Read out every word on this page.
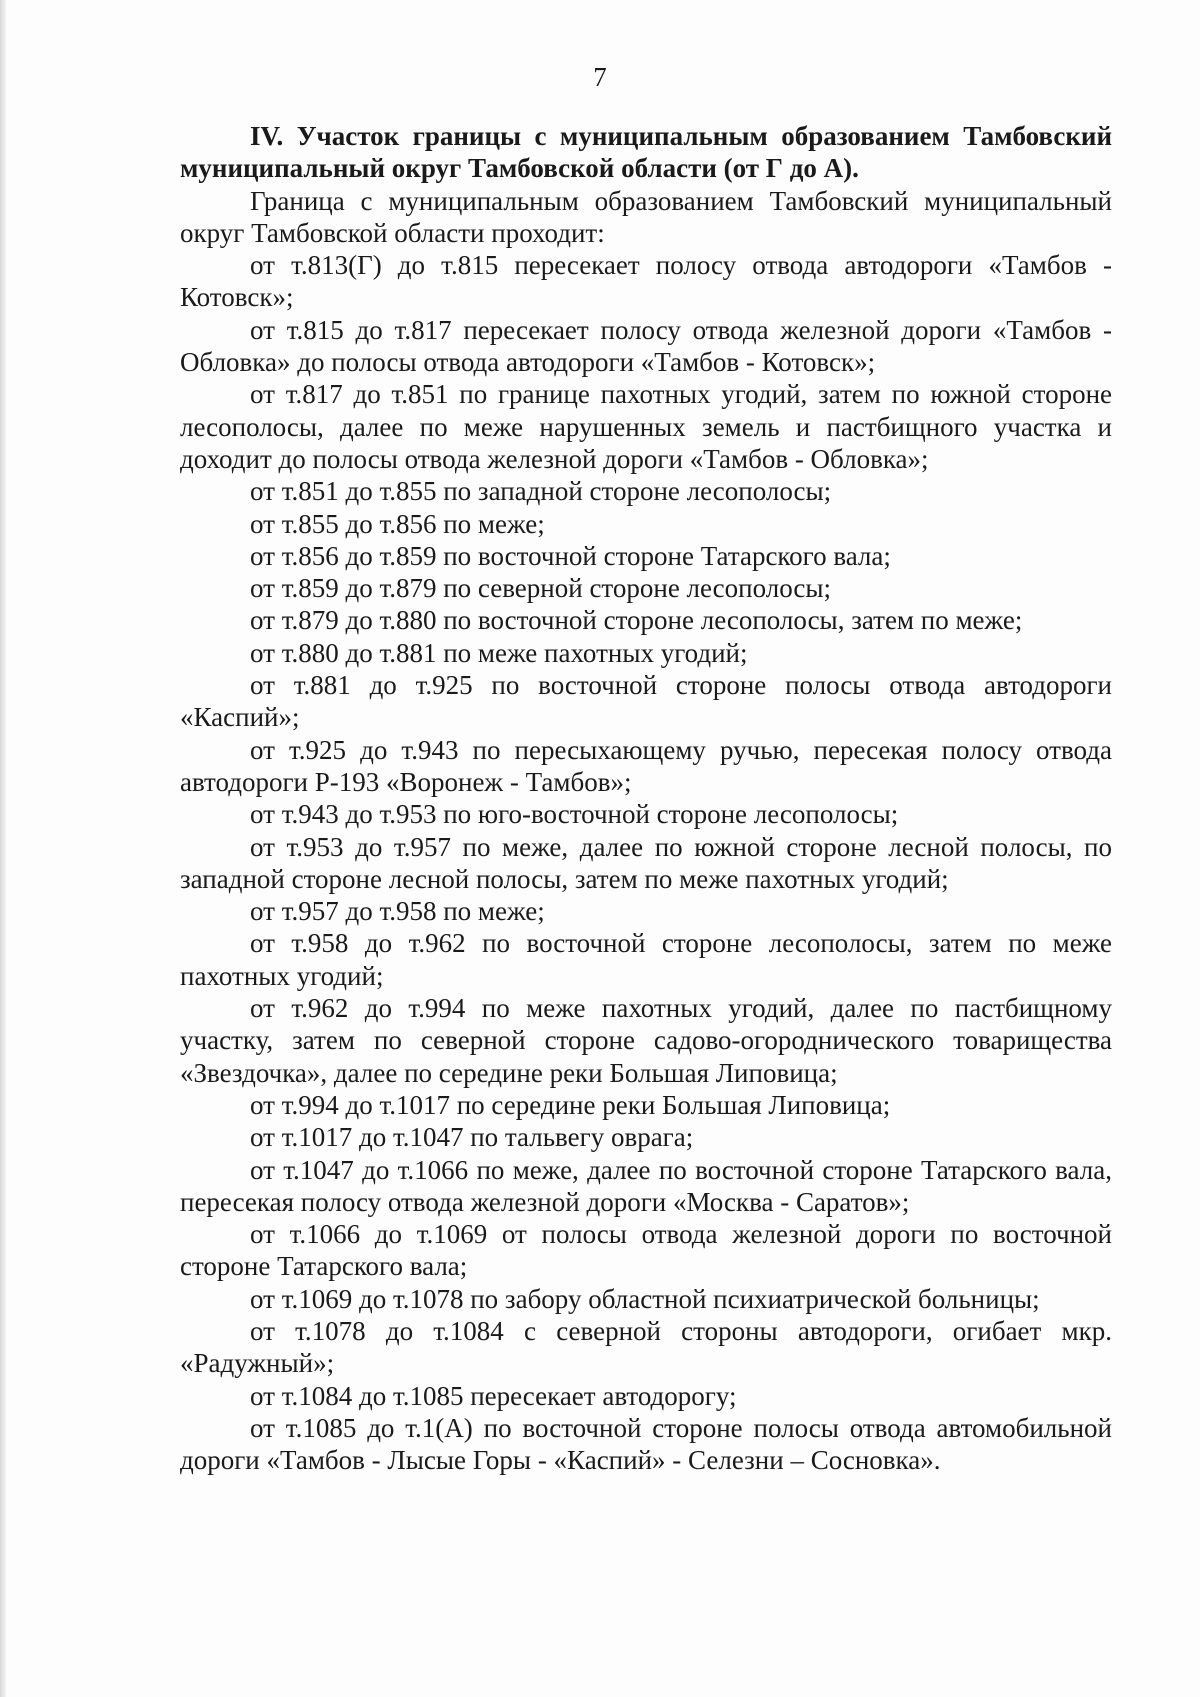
7

IV. Участок границы с муниципальным образованием Тамбовский муниципальный округ Тамбовской области (от Г до А).

Граница с муниципальным образованием Тамбовский муниципальный округ Тамбовской области проходит:

от т.813(Г) до т.815 пересекает полосу отвода автодороги «Тамбов - Котовск»;

от т.815 до т.817 пересекает полосу отвода железной дороги «Тамбов - Обловка» до полосы отвода автодороги «Тамбов - Котовск»;

от т.817 до т.851 по границе пахотных угодий, затем по южной стороне лесополосы, далее по меже нарушенных земель и пастбищного участка и доходит до полосы отвода железной дороги «Тамбов - Обловка»;

от т.851 до т.855 по западной стороне лесополосы;

от т.855 до т.856 по меже;

от т.856 до т.859 по восточной стороне Татарского вала;

от т.859 до т.879 по северной стороне лесополосы;

от т.879 до т.880 по восточной стороне лесополосы, затем по меже;

от т.880 до т.881 по меже пахотных угодий;

от т.881 до т.925 по восточной стороне полосы отвода автодороги «Каспий»;

от т.925 до т.943 по пересыхающему ручью, пересекая полосу отвода автодороги Р-193 «Воронеж - Тамбов»;

от т.943 до т.953 по юго-восточной стороне лесополосы;

от т.953 до т.957 по меже, далее по южной стороне лесной полосы, по западной стороне лесной полосы, затем по меже пахотных угодий;

от т.957 до т.958 по меже;

от т.958 до т.962 по восточной стороне лесополосы, затем по меже пахотных угодий;

от т.962 до т.994 по меже пахотных угодий, далее по пастбищному участку, затем по северной стороне садово-огороднического товарищества «Звездочка», далее по середине реки Большая Липовица;

от т.994 до т.1017 по середине реки Большая Липовица;

от т.1017 до т.1047 по тальвегу оврага;

от т.1047 до т.1066 по меже, далее по восточной стороне Татарского вала, пересекая полосу отвода железной дороги «Москва - Саратов»;

от т.1066 до т.1069 от полосы отвода железной дороги по восточной стороне Татарского вала;

от т.1069 до т.1078 по забору областной психиатрической больницы;

от т.1078 до т.1084 с северной стороны автодороги, огибает мкр. «Радужный»;

от т.1084 до т.1085 пересекает автодорогу;

от т.1085 до т.1(А) по восточной стороне полосы отвода автомобильной дороги «Тамбов - Лысые Горы - «Каспий» - Селезни – Сосновка».
